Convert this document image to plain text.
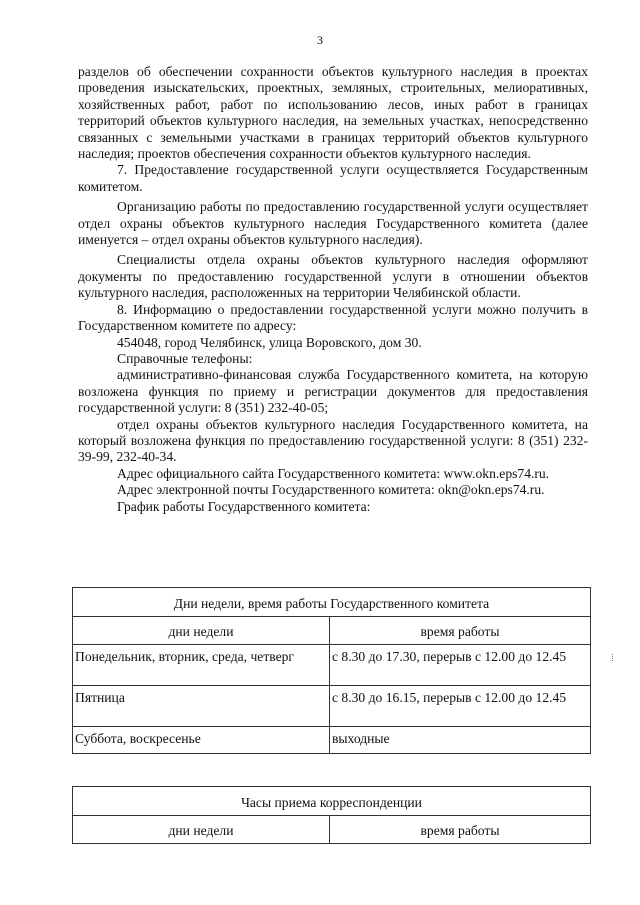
3

разделов об обеспечении сохранности объектов культурного наследия в проектах проведения изыскательских, проектных, земляных, строительных, мелиоративных, хозяйственных работ, работ по использованию лесов, иных работ в границах территорий объектов культурного наследия, на земельных участках, непосредственно связанных с земельными участками в границах территорий объектов культурного наследия; проектов обеспечения сохранности объектов культурного наследия.

7. Предоставление государственной услуги осуществляется Государственным комитетом.

Организацию работы по предоставлению государственной услуги осуществляет отдел охраны объектов культурного наследия Государственного комитета (далее именуется – отдел охраны объектов культурного наследия).

Специалисты отдела охраны объектов культурного наследия оформляют документы по предоставлению государственной услуги в отношении объектов культурного наследия, расположенных на территории Челябинской области.

8. Информацию о предоставлении государственной услуги можно получить в Государственном комитете по адресу:

454048, город Челябинск, улица Воровского, дом 30.

Справочные телефоны:

административно-финансовая служба Государственного комитета, на которую возложена функция по приему и регистрации документов для предоставления государственной услуги: 8 (351) 232-40-05;

отдел охраны объектов культурного наследия Государственного комитета, на который возложена функция по предоставлению государственной услуги: 8 (351) 232-39-99, 232-40-34.

Адрес официального сайта Государственного комитета: www.okn.eps74.ru.

Адрес электронной почты Государственного комитета: okn@okn.eps74.ru.

График работы Государственного комитета:

Дни недели, время работы Государственного комитета	
дни недели	время работы
Понедельник, вторник, среда, четверг	с 8.30 до 17.30, перерыв с 12.00 до 12.45
Пятница	с 8.30 до 16.15, перерыв с 12.00 до 12.45
Суббота, воскресенье	выходные
Часы приема корреспонденции
дни недели	время работы
